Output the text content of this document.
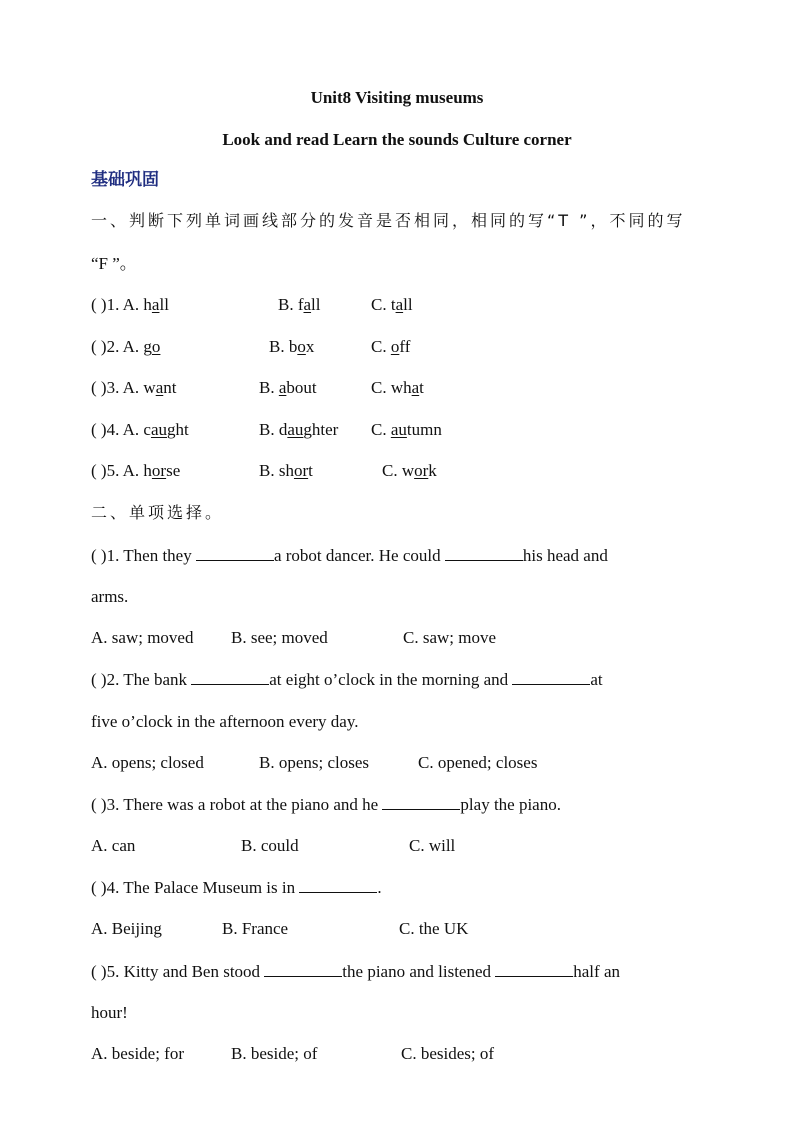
Unit8 Visiting museums
Look and read Learn the sounds Culture corner
基础巩固
一、判断下列单词画线部分的发音是否相同，相同的写“T ”，不同的写
“F ”。
( )1. A. hall	B. fall	C. tall
( )2. A. go	B. box	C. off
( )3. A. want	B. about	C. what
( )4. A. caught	B. daughter C. autumn
( )5. A. horse	B. short	C. work
二、单项选择。
( )1. Then they	a robot dancer. He could	his head and
arms.
A. saw; moved B. see; moved	C. saw; move
( )2. The bank	at eight o’clock in the morning and	at
five o’clock in the afternoon every day.
A. opens; closed	B. opens; closes	C. opened; closes
( )3. There was a robot at the piano and he	play the piano.
A. can	B. could	C. will
( )4. The Palace Museum is in	.
A. Beijing	B. France	C. the UK
( )5. Kitty and Ben stood	the piano and listened	half an
hour!
A. beside; for	B. beside; of	C. besides; of
